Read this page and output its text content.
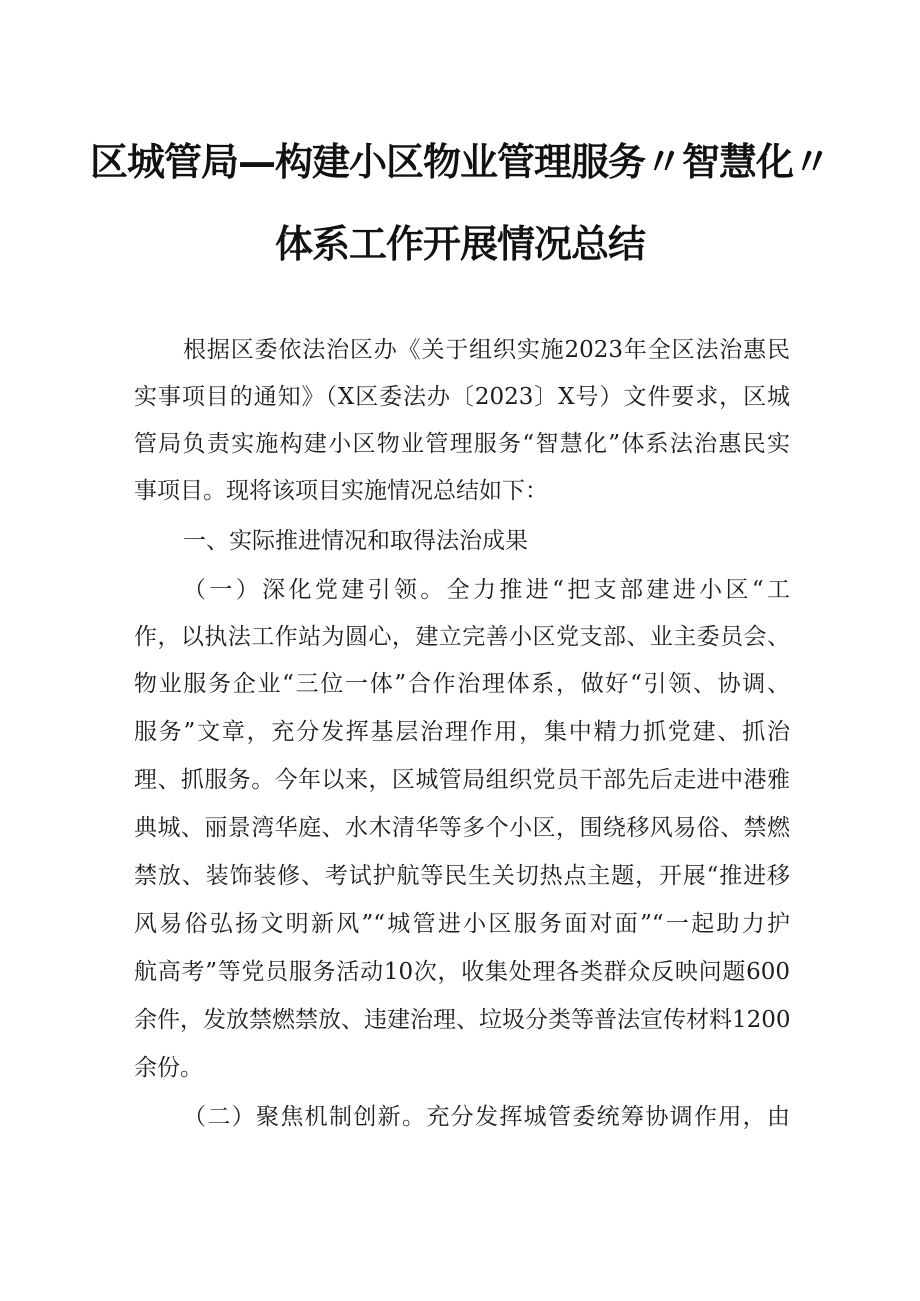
区城管局—构建小区物业管理服务〃智慧化〃
体系工作开展情况总结
根据区委依法治区办《关于组织实施2023年全区法治惠民
实事项目的通知》（X区委法办〔2023〕X号）文件要求，区城
管局负责实施构建小区物业管理服务“智慧化”体系法治惠民实
事项目。现将该项目实施情况总结如下：
一、实际推进情况和取得法治成果
（一）深化党建引领。全力推进“把支部建进小区“工
作，以执法工作站为圆心，建立完善小区党支部、业主委员会、
物业服务企业“三位一体”合作治理体系，做好“引领、协调、
服务”文章，充分发挥基层治理作用，集中精力抓党建、抓治
理、抓服务。今年以来，区城管局组织党员干部先后走进中港雅
典城、丽景湾华庭、水木清华等多个小区，围绕移风易俗、禁燃
禁放、装饰装修、考试护航等民生关切热点主题，开展“推进移
风易俗弘扬文明新风”“城管进小区服务面对面”“一起助力护
航高考”等党员服务活动10次，收集处理各类群众反映问题600
余件，发放禁燃禁放、违建治理、垃圾分类等普法宣传材料1200
余份。
（二）聚焦机制创新。充分发挥城管委统筹协调作用，由
